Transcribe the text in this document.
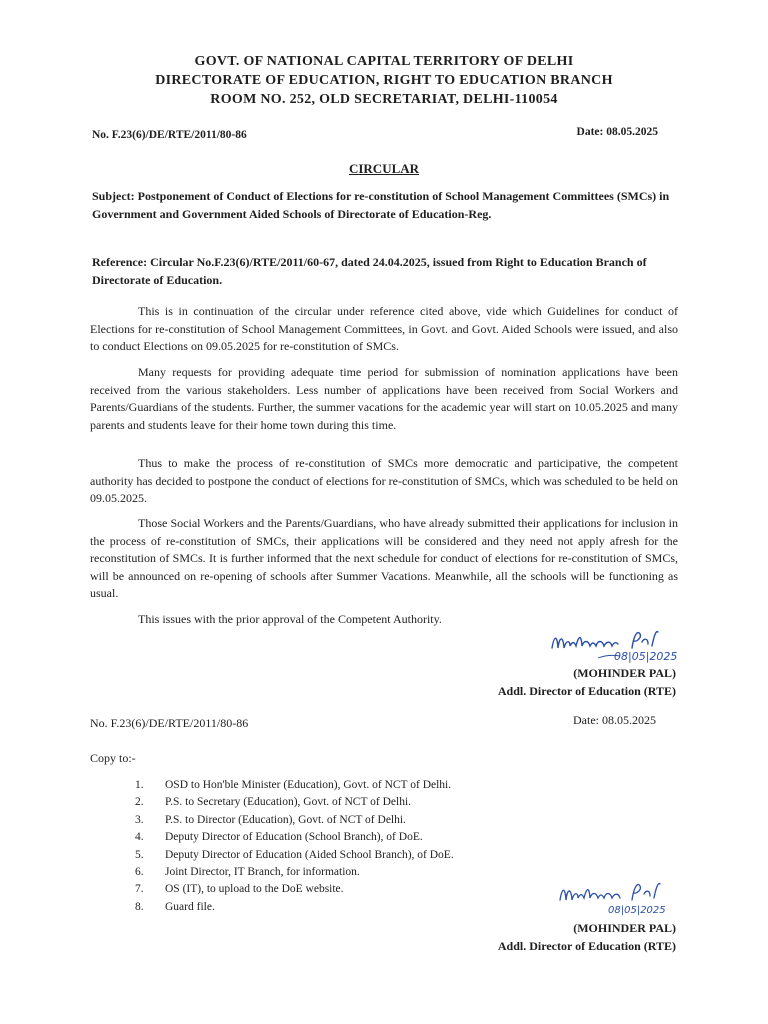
GOVT. OF NATIONAL CAPITAL TERRITORY OF DELHI
DIRECTORATE OF EDUCATION, RIGHT TO EDUCATION BRANCH
ROOM NO. 252, OLD SECRETARIAT, DELHI-110054
No. F.23(6)/DE/RTE/2011/80-86	Date: 08.05.2025
CIRCULAR
Subject: Postponement of Conduct of Elections for re-constitution of School Management Committees (SMCs) in Government and Government Aided Schools of Directorate of Education-Reg.
Reference: Circular No.F.23(6)/RTE/2011/60-67, dated 24.04.2025, issued from Right to Education Branch of Directorate of Education.
This is in continuation of the circular under reference cited above, vide which Guidelines for conduct of Elections for re-constitution of School Management Committees, in Govt. and Govt. Aided Schools were issued, and also to conduct Elections on 09.05.2025 for re-constitution of SMCs.
Many requests for providing adequate time period for submission of nomination applications have been received from the various stakeholders. Less number of applications have been received from Social Workers and Parents/Guardians of the students. Further, the summer vacations for the academic year will start on 10.05.2025 and many parents and students leave for their home town during this time.
Thus to make the process of re-constitution of SMCs more democratic and participative, the competent authority has decided to postpone the conduct of elections for re-constitution of SMCs, which was scheduled to be held on 09.05.2025.
Those Social Workers and the Parents/Guardians, who have already submitted their applications for inclusion in the process of re-constitution of SMCs, their applications will be considered and they need not apply afresh for the reconstitution of SMCs. It is further informed that the next schedule for conduct of elections for re-constitution of SMCs, will be announced on re-opening of schools after Summer Vacations. Meanwhile, all the schools will be functioning as usual.
This issues with the prior approval of the Competent Authority.
08|05|2025
(MOHINDER PAL)
Addl. Director of Education (RTE)
No. F.23(6)/DE/RTE/2011/80-86	Date: 08.05.2025
Copy to:-
1. OSD to Hon'ble Minister (Education), Govt. of NCT of Delhi.
2. P.S. to Secretary (Education), Govt. of NCT of Delhi.
3. P.S. to Director (Education), Govt. of NCT of Delhi.
4. Deputy Director of Education (School Branch), of DoE.
5. Deputy Director of Education (Aided School Branch), of DoE.
6. Joint Director, IT Branch, for information.
7. OS (IT), to upload to the DoE website.
8. Guard file.	08|05|2025
(MOHINDER PAL)
Addl. Director of Education (RTE)
